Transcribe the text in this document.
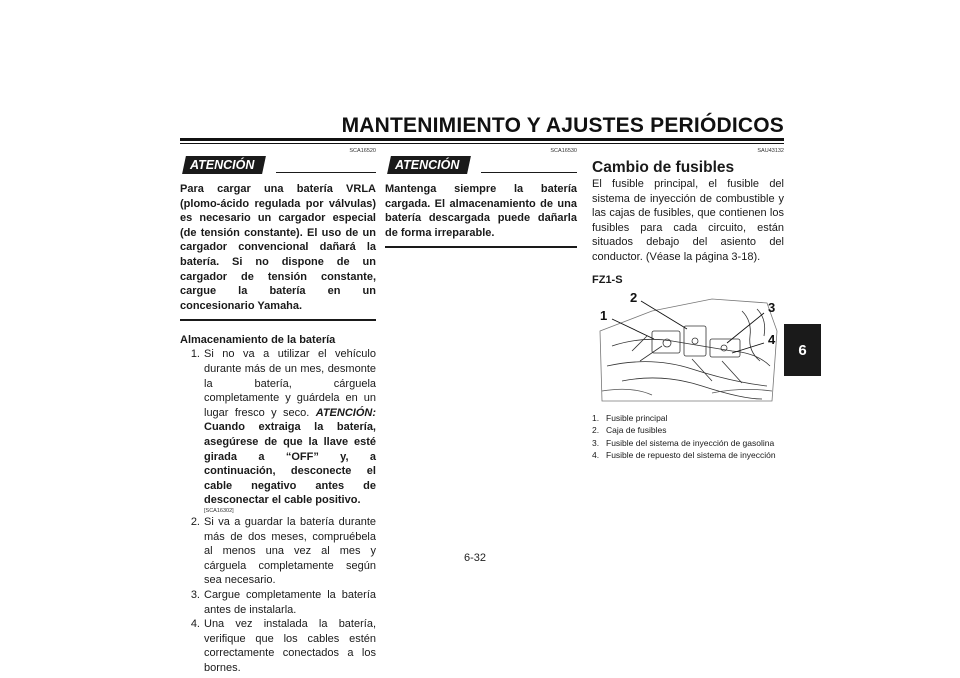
MANTENIMIENTO Y AJUSTES PERIÓDICOS
6
SCA16520
ATENCIÓN
Para cargar una batería VRLA (plomo-ácido regulada por válvulas) es necesario un cargador especial (de tensión constante). El uso de un cargador convencional dañará la batería. Si no dispone de un cargador de tensión constante, cargue la batería en un concesionario Yamaha.
Almacenamiento de la batería
1. Si no va a utilizar el vehículo durante más de un mes, desmonte la batería, cárguela completamente y guárdela en un lugar fresco y seco. ATENCIÓN: Cuando extraiga la batería, asegúrese de que la llave esté girada a “OFF” y, a continuación, desconecte el cable negativo antes de desconectar el cable positivo.
[SCA16302]
2. Si va a guardar la batería durante más de dos meses, compruébela al menos una vez al mes y cárguela completamente según sea necesario.
3. Cargue completamente la batería antes de instalarla.
4. Una vez instalada la batería, verifique que los cables estén correctamente conectados a los bornes.
SCA16530
ATENCIÓN
Mantenga siempre la batería cargada. El almacenamiento de una batería descargada puede dañarla de forma irreparable.
SAU43132
Cambio de fusibles
El fusible principal, el fusible del sistema de inyección de combustible y las cajas de fusibles, que contienen los fusibles para cada circuito, están situados debajo del asiento del conductor. (Véase la página 3-18).
FZ1-S
1
2
3
4
1. Fusible principal
2. Caja de fusibles
3. Fusible del sistema de inyección de gasolina
4. Fusible de repuesto del sistema de inyección
6-32
